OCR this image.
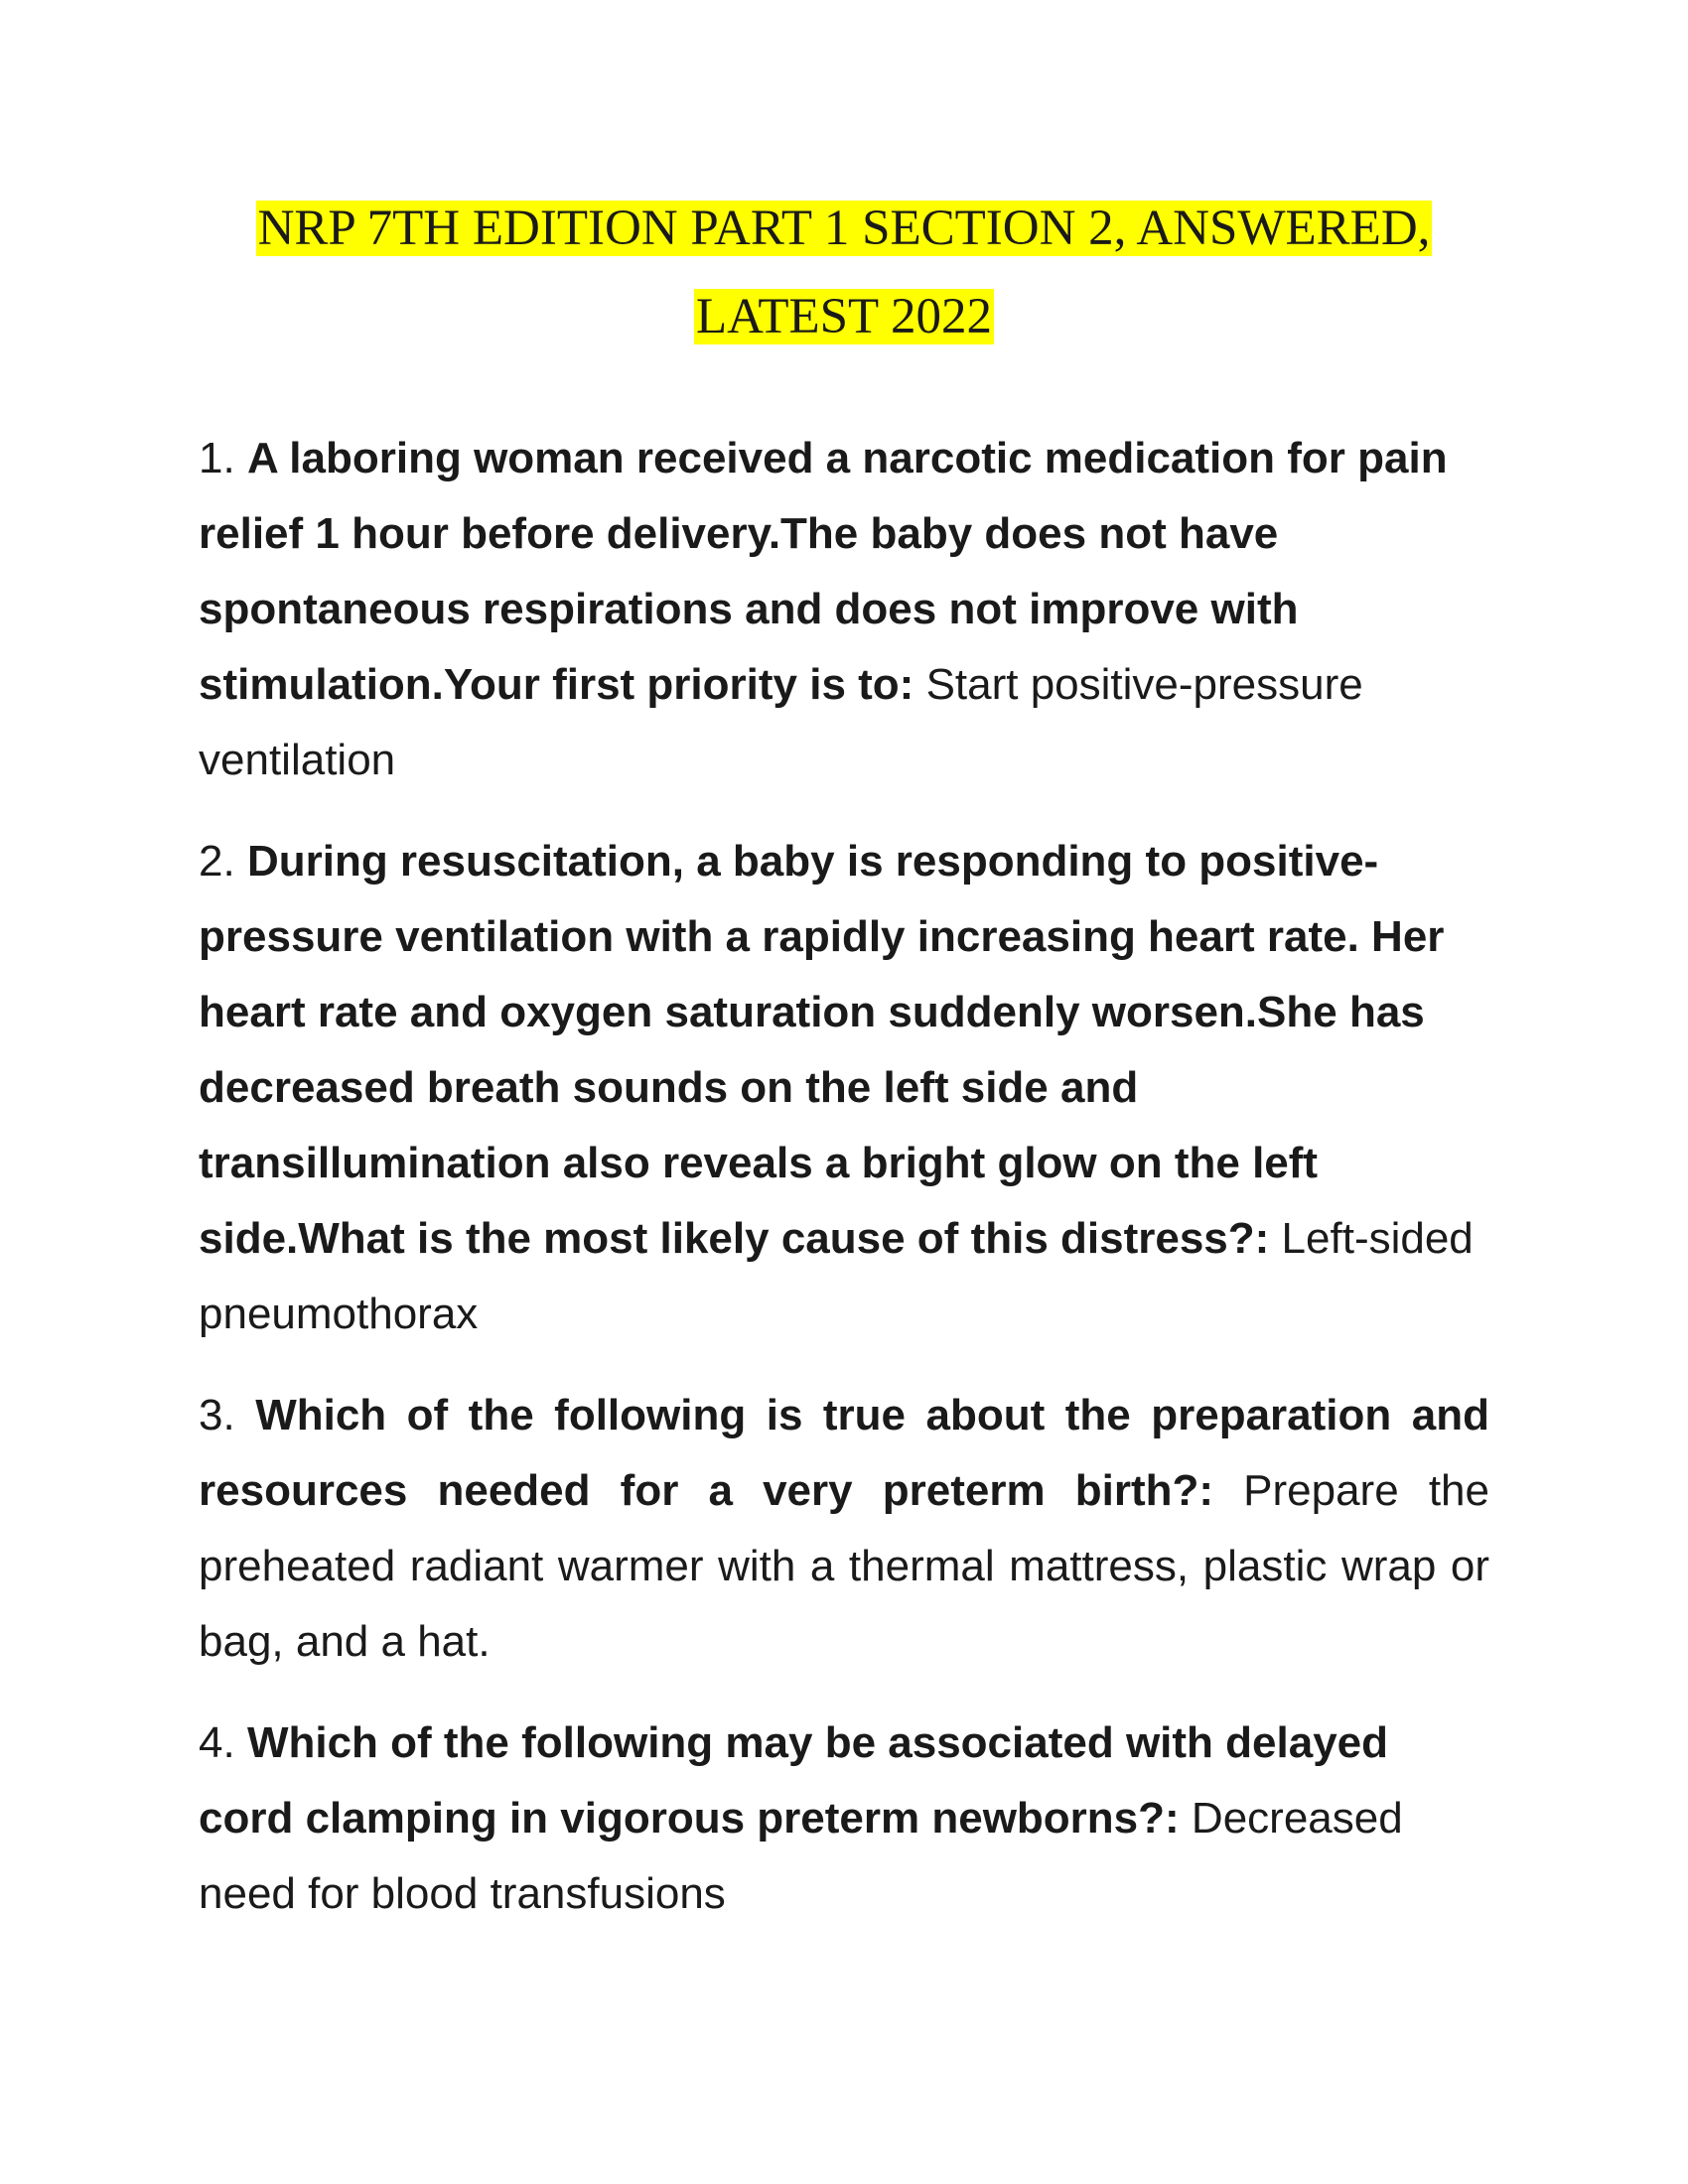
NRP 7TH EDITION PART 1 SECTION 2, ANSWERED,
LATEST 2022

1. A laboring woman received a narcotic medication for pain relief 1 hour before delivery.The baby does not have spontaneous respirations and does not improve with stimulation.Your first priority is to: Start positive-pressure ventilation

2. During resuscitation, a baby is responding to positive-pressure ventilation with a rapidly increasing heart rate. Her heart rate and oxygen saturation suddenly worsen.She has decreased breath sounds on the left side and transillumination also reveals a bright glow on the left side.What is the most likely cause of this distress?: Left-sided pneumothorax

3. Which of the following is true about the preparation and resources needed for a very preterm birth?: Prepare the preheated radiant warmer with a thermal mattress, plastic wrap or bag, and a hat.

4. Which of the following may be associated with delayed cord clamping in vigorous preterm newborns?: Decreased need for blood transfusions
